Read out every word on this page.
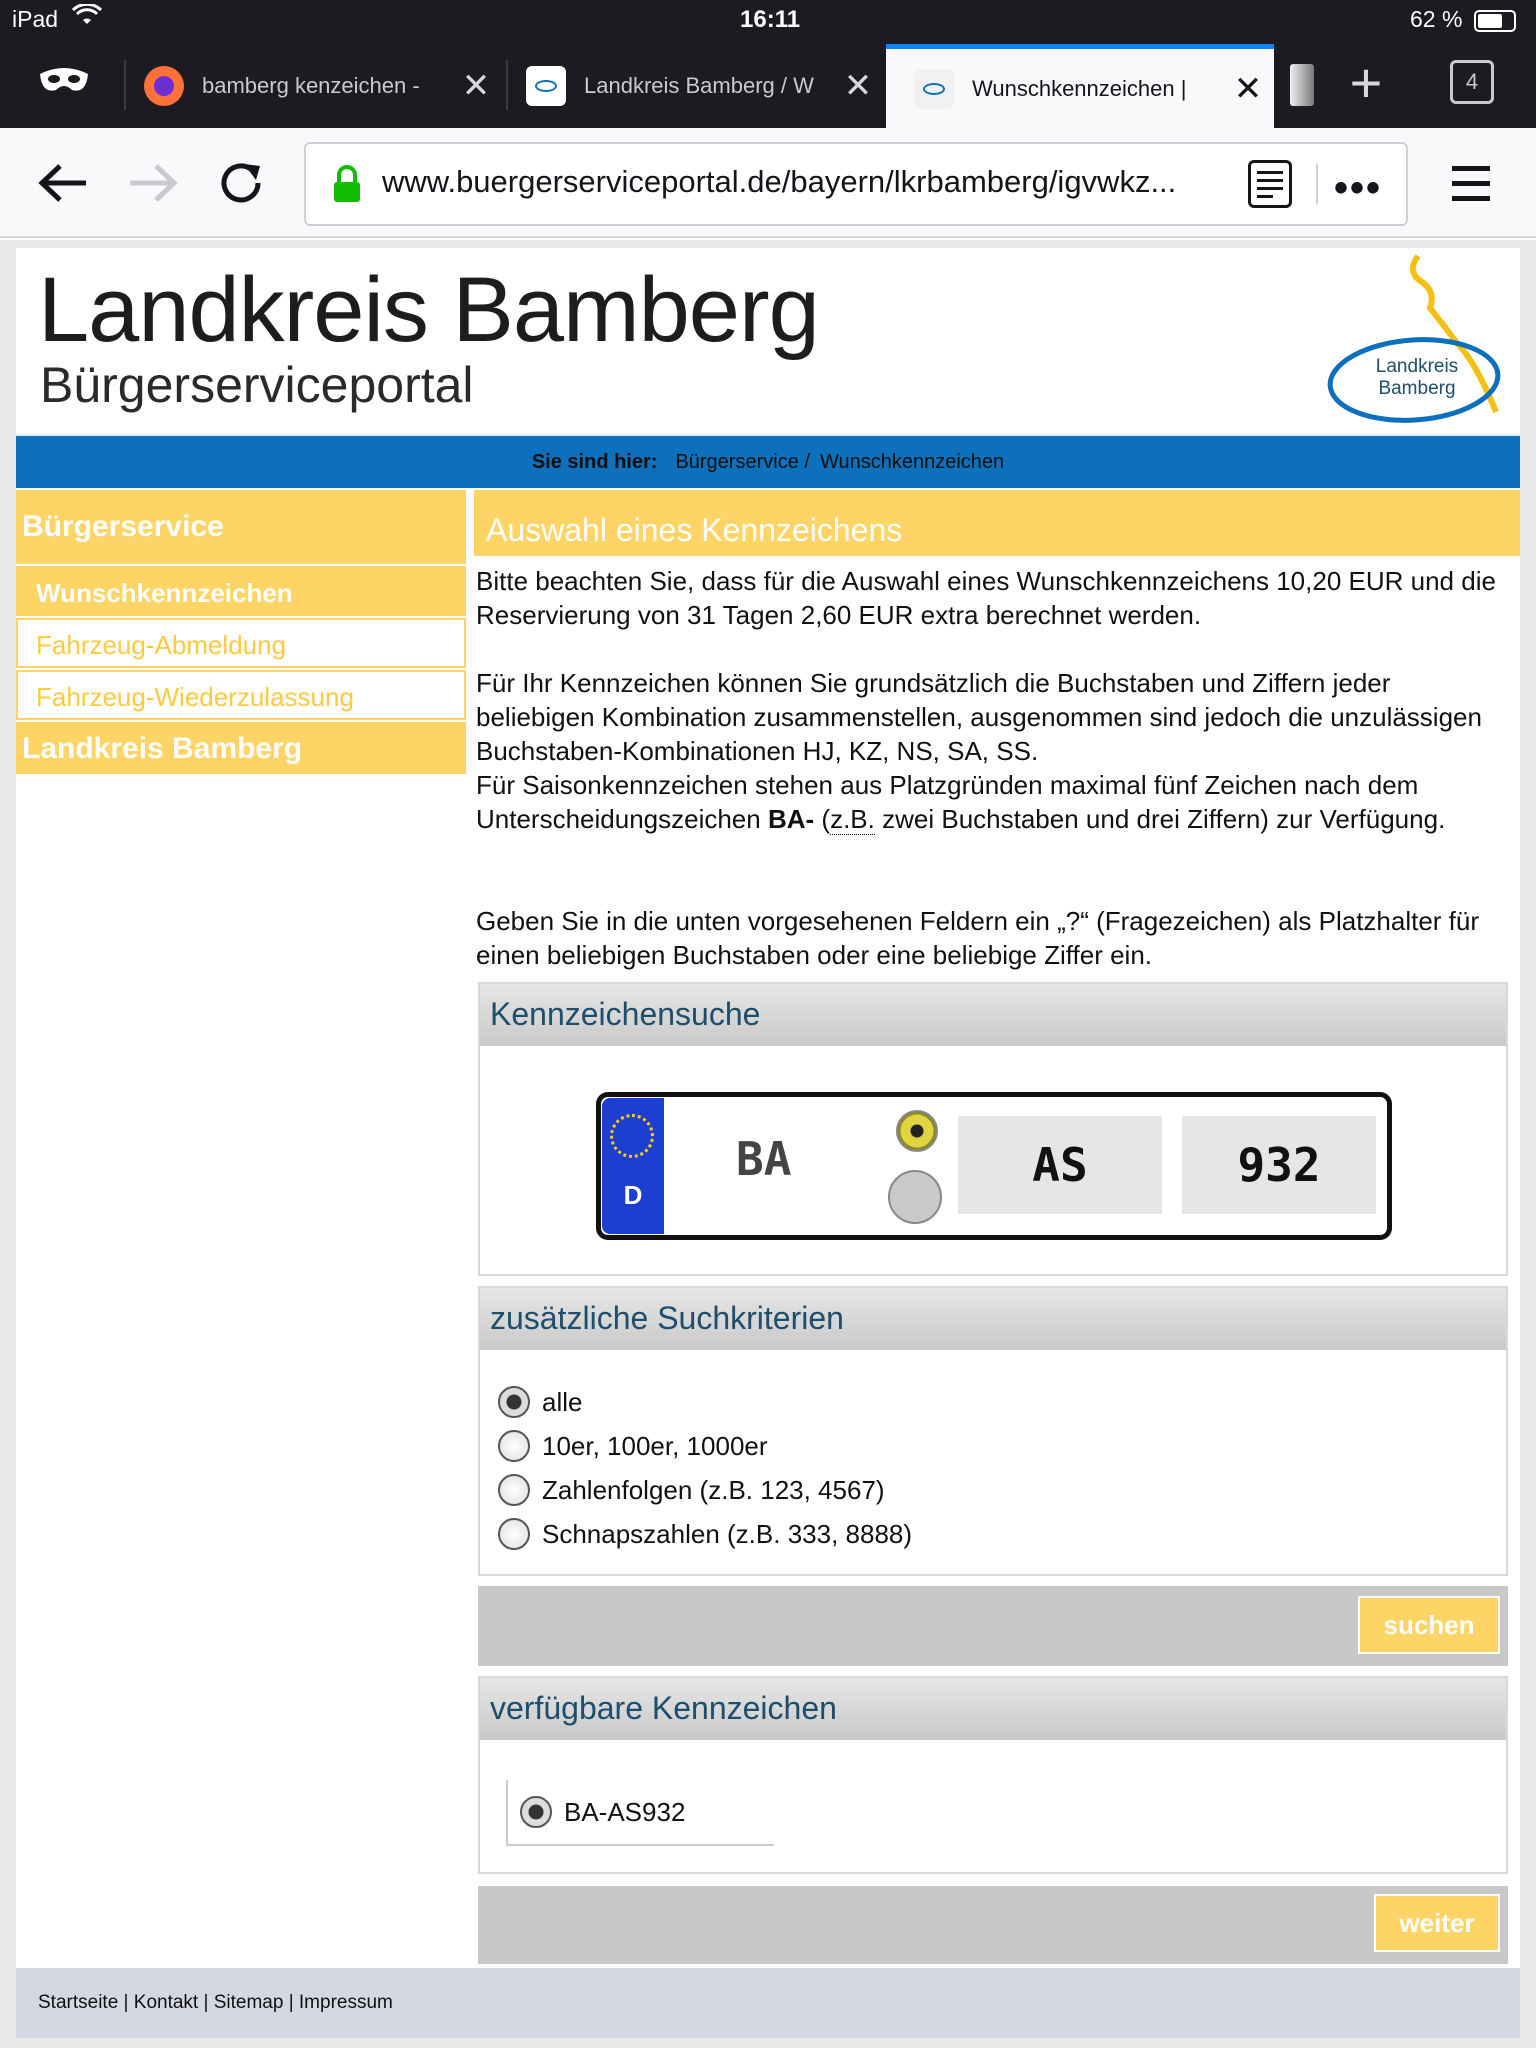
iPad	16:11	62 %
bamberg kenzeichen -	✕	Landkreis Bamberg / W ✕	Wunschkennzeichen |	✕ +	4
www.buergerserviceportal.de/bayern/lkrbamberg/igvwkz...	•••
Landkreis Bamberg
Bürgerserviceportal	Landkreis
Bamberg
Sie sind hier: Bürgerservice / Wunschkennzeichen
Bürgerservice
Wunschkennzeichen
Fahrzeug-Abmeldung
Fahrzeug-Wiederzulassung
Landkreis Bamberg
Auswahl eines Kennzeichens
Bitte beachten Sie, dass für die Auswahl eines Wunschkennzeichens 10,20 EUR und die Reservierung von 31 Tagen 2,60 EUR extra berechnet werden.
Für Ihr Kennzeichen können Sie grundsätzlich die Buchstaben und Ziffern jeder beliebigen Kombination zusammenstellen, ausgenommen sind jedoch die unzulässigen Buchstaben-Kombinationen HJ, KZ, NS, SA, SS.
Für Saisonkennzeichen stehen aus Platzgründen maximal fünf Zeichen nach dem Unterscheidungszeichen BA- (z.B. zwei Buchstaben und drei Ziffern) zur Verfügung.
Geben Sie in die unten vorgesehenen Feldern ein „?“ (Fragezeichen) als Platzhalter für einen beliebigen Buchstaben oder eine beliebige Ziffer ein.
Kennzeichensuche
D
BA	AS	932
zusätzliche Suchkriterien
alle
10er, 100er, 1000er
Zahlenfolgen (z.B. 123, 4567)
Schnapszahlen (z.B. 333, 8888)
suchen
verfügbare Kennzeichen
BA-AS932
weiter
Startseite | Kontakt | Sitemap | Impressum
